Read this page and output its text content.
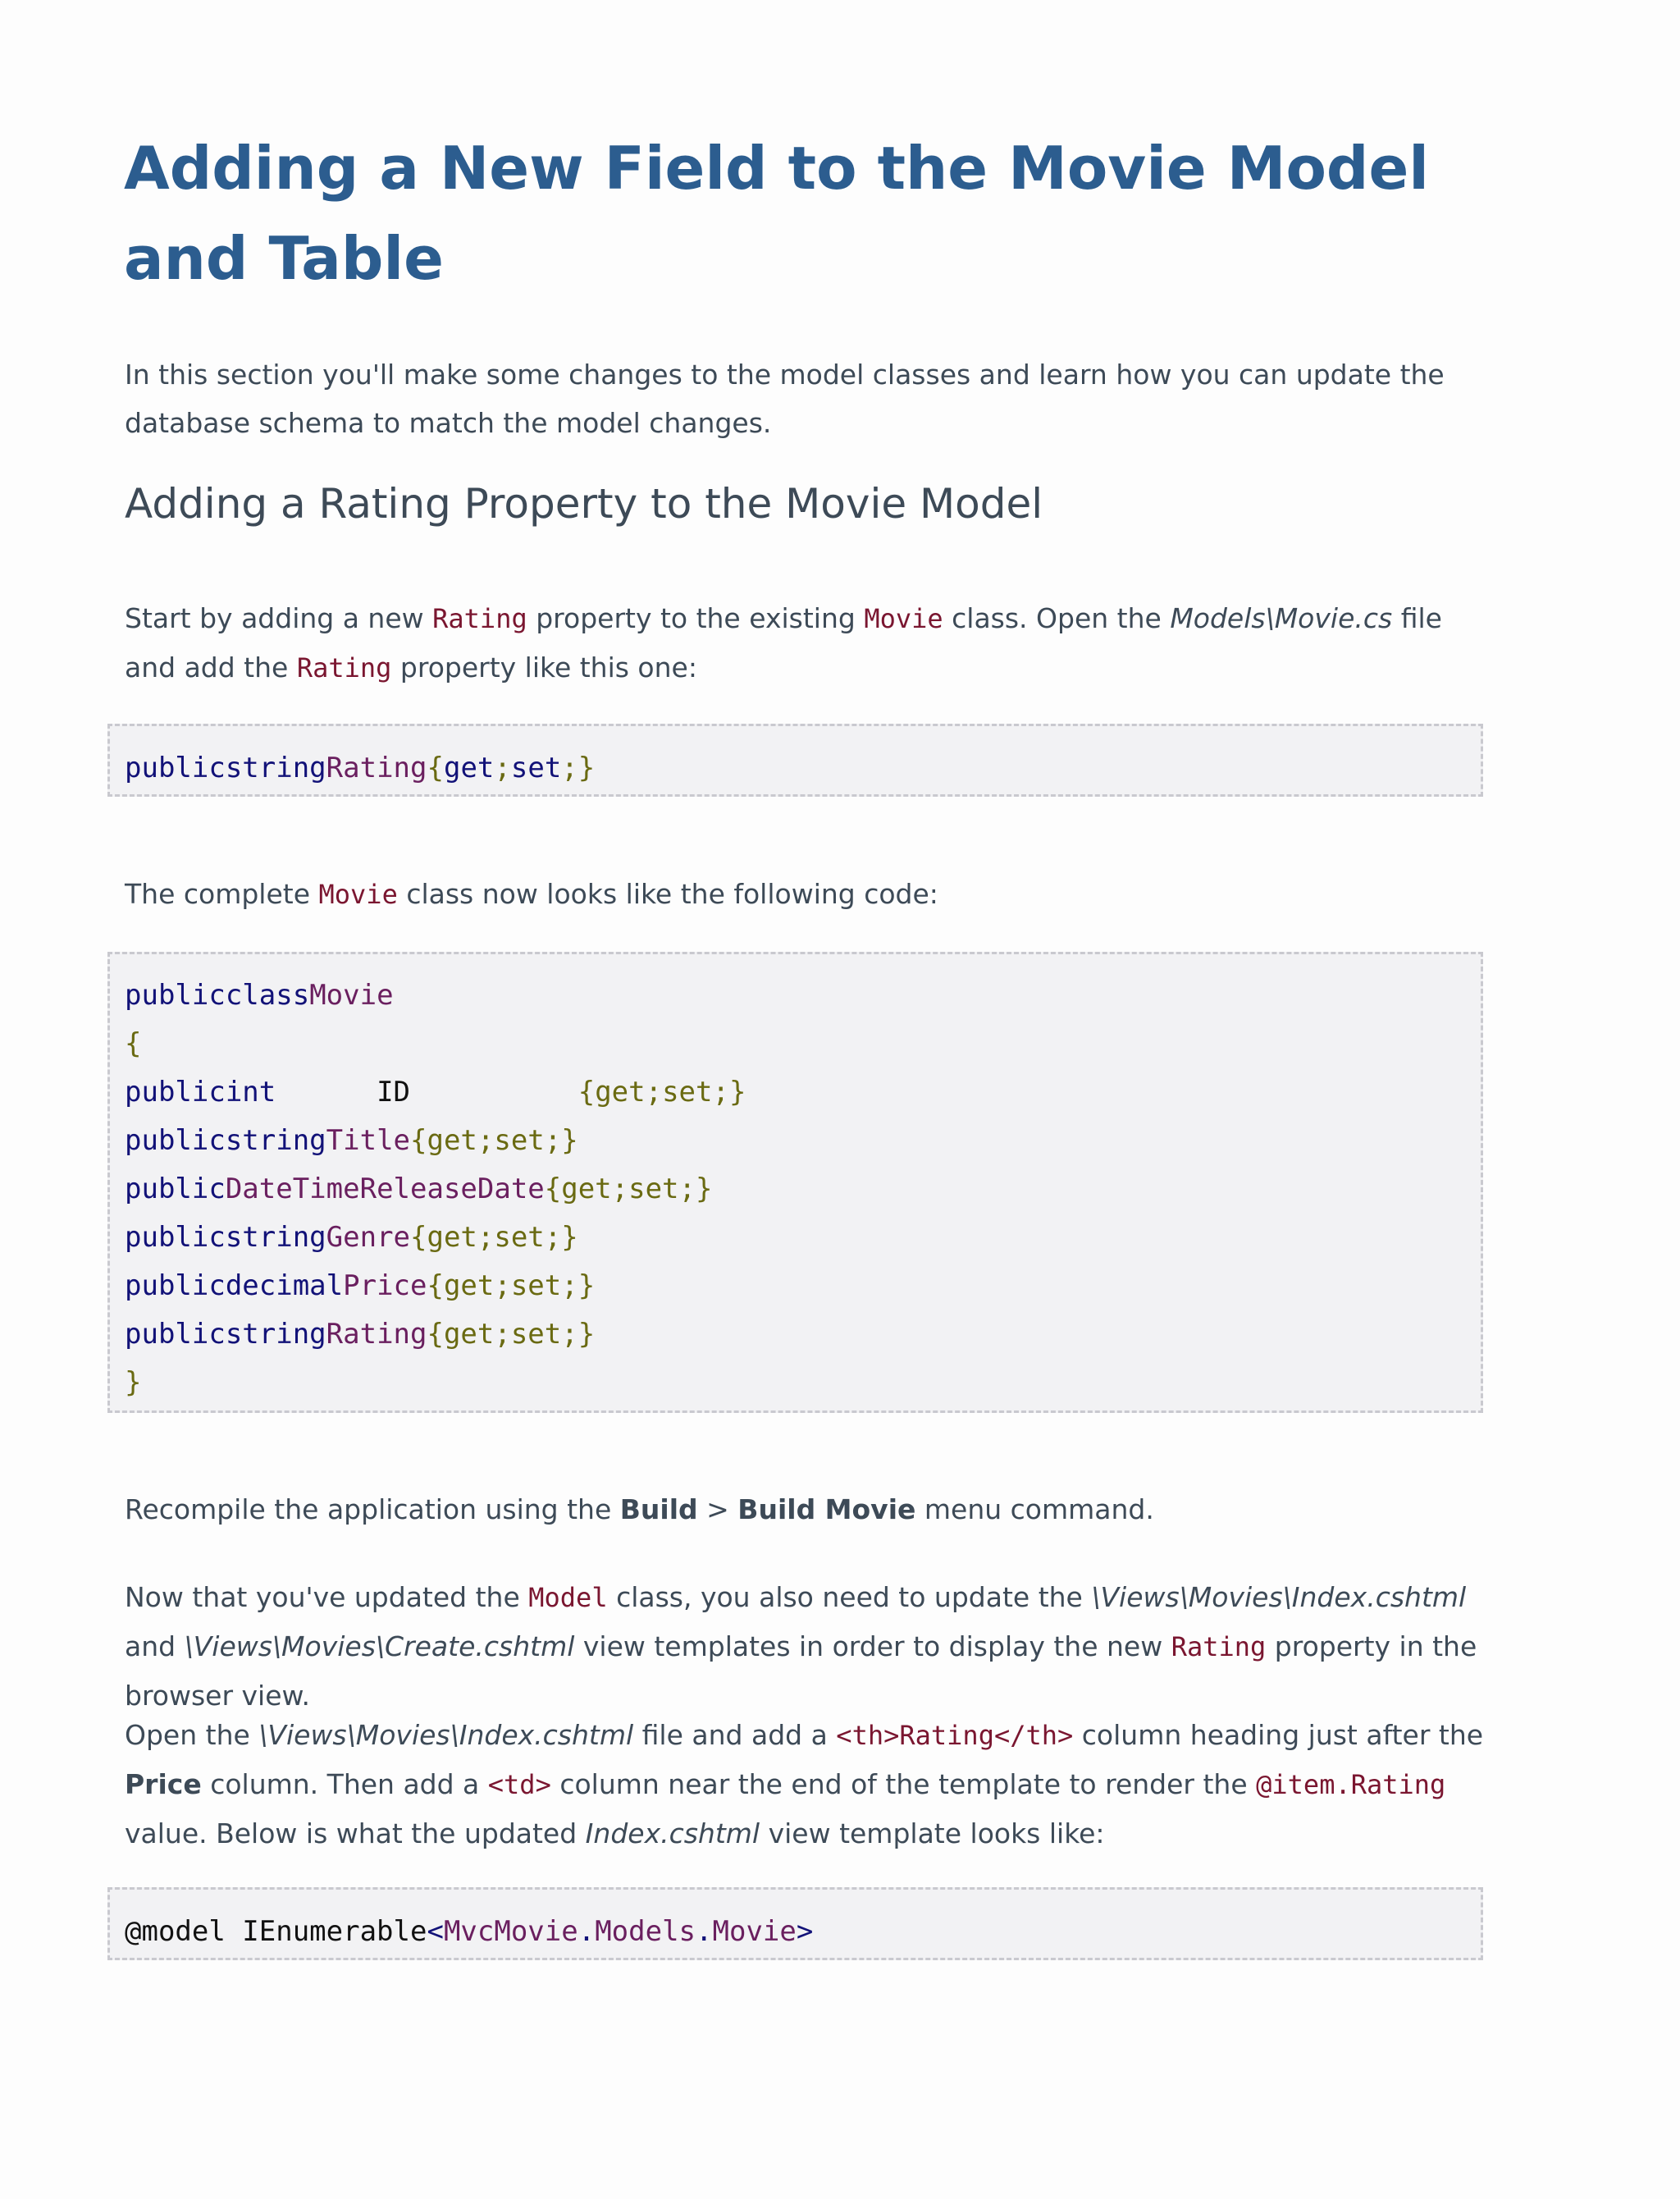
Adding a New Field to the Movie Model and Table

In this section you'll make some changes to the model classes and learn how you can update the database schema to match the model changes.

Adding a Rating Property to the Movie Model

Start by adding a new Rating property to the existing Movie class. Open the Models\Movie.cs file and add the Rating property like this one:

publicstringRating{get;set;}

The complete Movie class now looks like the following code:

publicclassMovie
{
publicint	ID	{get;set;}
publicstringTitle{get;set;}
publicDateTimeReleaseDate{get;set;}
publicstringGenre{get;set;}
publicdecimalPrice{get;set;}
publicstringRating{get;set;}
}

Recompile the application using the Build > Build Movie menu command.

Now that you've updated the Model class, you also need to update the \Views\Movies\Index.cshtml and \Views\Movies\Create.cshtml view templates in order to display the new Rating property in the browser view.

Open the \Views\Movies\Index.cshtml file and add a <th>Rating</th> column heading just after the Price column. Then add a <td> column near the end of the template to render the @item.Rating value. Below is what the updated Index.cshtml view template looks like:

@model IEnumerable<MvcMovie.Models.Movie>
